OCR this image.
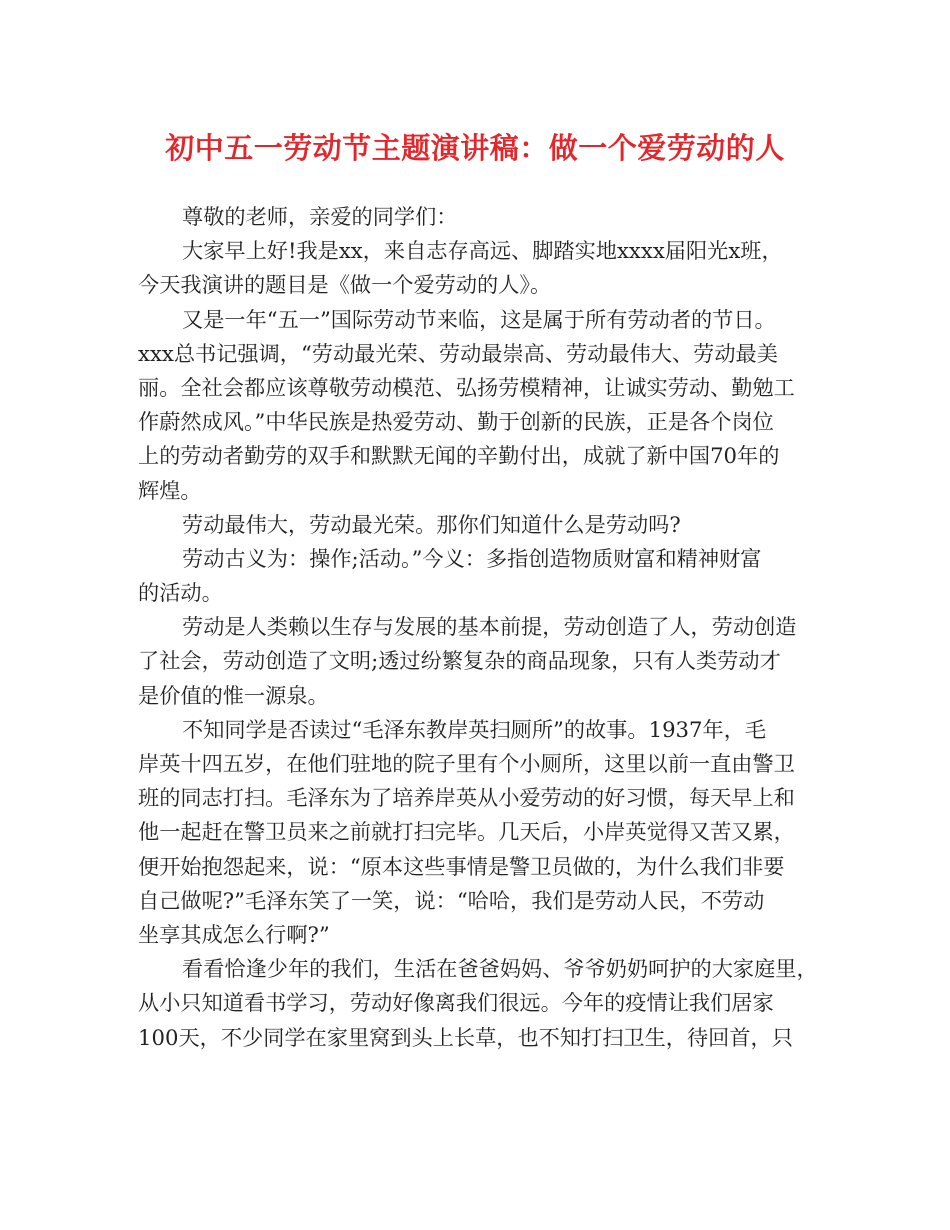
初中五一劳动节主题演讲稿：做一个爱劳动的人
尊敬的老师，亲爱的同学们：
大家早上好!我是xx，来自志存高远、脚踏实地xxxx届阳光x班，
今天我演讲的题目是《做一个爱劳动的人》。
又是一年“五一”国际劳动节来临，这是属于所有劳动者的节日。
xxx总书记强调，“劳动最光荣、劳动最崇高、劳动最伟大、劳动最美
丽。全社会都应该尊敬劳动模范、弘扬劳模精神，让诚实劳动、勤勉工
作蔚然成风。”中华民族是热爱劳动、勤于创新的民族，正是各个岗位
上的劳动者勤劳的双手和默默无闻的辛勤付出，成就了新中国70年的
辉煌。
劳动最伟大，劳动最光荣。那你们知道什么是劳动吗?
劳动古义为：操作;活动。”今义：多指创造物质财富和精神财富
的活动。
劳动是人类赖以生存与发展的基本前提，劳动创造了人，劳动创造
了社会，劳动创造了文明;透过纷繁复杂的商品现象，只有人类劳动才
是价值的惟一源泉。
不知同学是否读过“毛泽东教岸英扫厕所”的故事。1937年，毛
岸英十四五岁，在他们驻地的院子里有个小厕所，这里以前一直由警卫
班的同志打扫。毛泽东为了培养岸英从小爱劳动的好习惯，每天早上和
他一起赶在警卫员来之前就打扫完毕。几天后，小岸英觉得又苦又累，
便开始抱怨起来，说：“原本这些事情是警卫员做的，为什么我们非要
自己做呢?”毛泽东笑了一笑，说：“哈哈，我们是劳动人民，不劳动
坐享其成怎么行啊?”
看看恰逢少年的我们，生活在爸爸妈妈、爷爷奶奶呵护的大家庭里，
从小只知道看书学习，劳动好像离我们很远。今年的疫情让我们居家
100天，不少同学在家里窝到头上长草，也不知打扫卫生，待回首，只
